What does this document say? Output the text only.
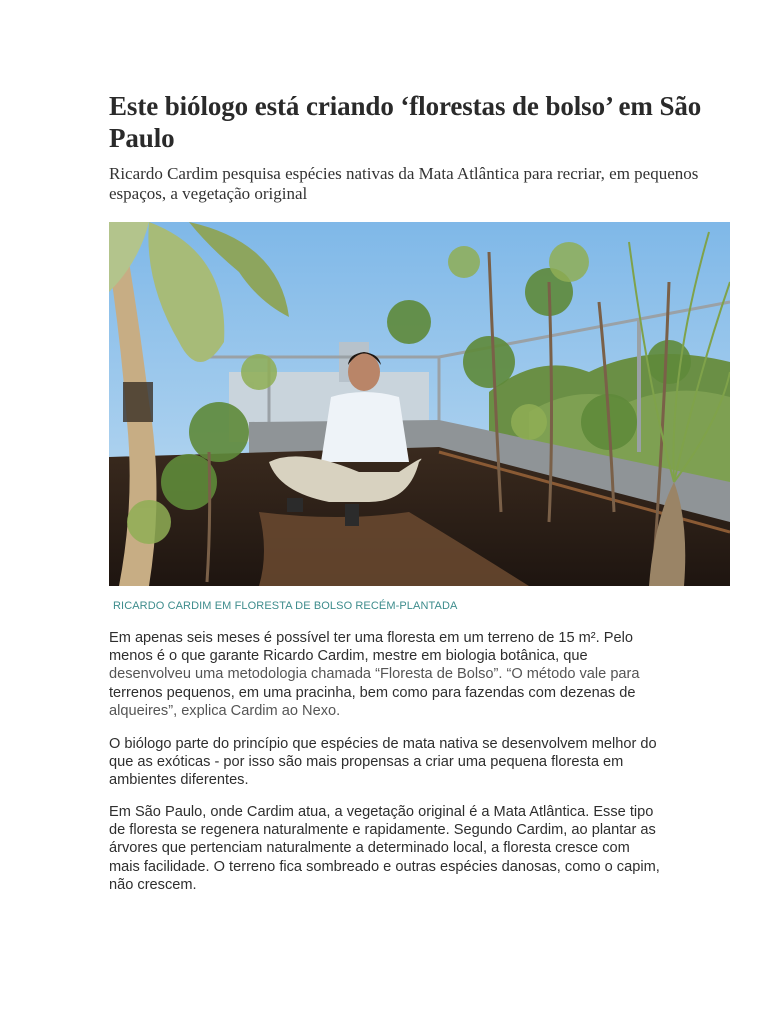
Este biólogo está criando ‘florestas de bolso’ em São Paulo

Ricardo Cardim pesquisa espécies nativas da Mata Atlântica para recriar, em pequenos espaços, a vegetação original

RICARDO CARDIM EM FLORESTA DE BOLSO RECÉM-PLANTADA

Em apenas seis meses é possível ter uma floresta em um terreno de 15 m². Pelo menos é o que garante Ricardo Cardim, mestre em biologia botânica, que desenvolveu uma metodologia chamada “Floresta de Bolso”. “O método vale para terrenos pequenos, em uma pracinha, bem como para fazendas com dezenas de alqueires”, explica Cardim ao Nexo.

O biólogo parte do princípio que espécies de mata nativa se desenvolvem melhor do que as exóticas - por isso são mais propensas a criar uma pequena floresta em ambientes diferentes.

Em São Paulo, onde Cardim atua, a vegetação original é a Mata Atlântica. Esse tipo de floresta se regenera naturalmente e rapidamente. Segundo Cardim, ao plantar as árvores que pertenciam naturalmente a determinado local, a floresta cresce com mais facilidade. O terreno fica sombreado e outras espécies danosas, como o capim, não crescem.
